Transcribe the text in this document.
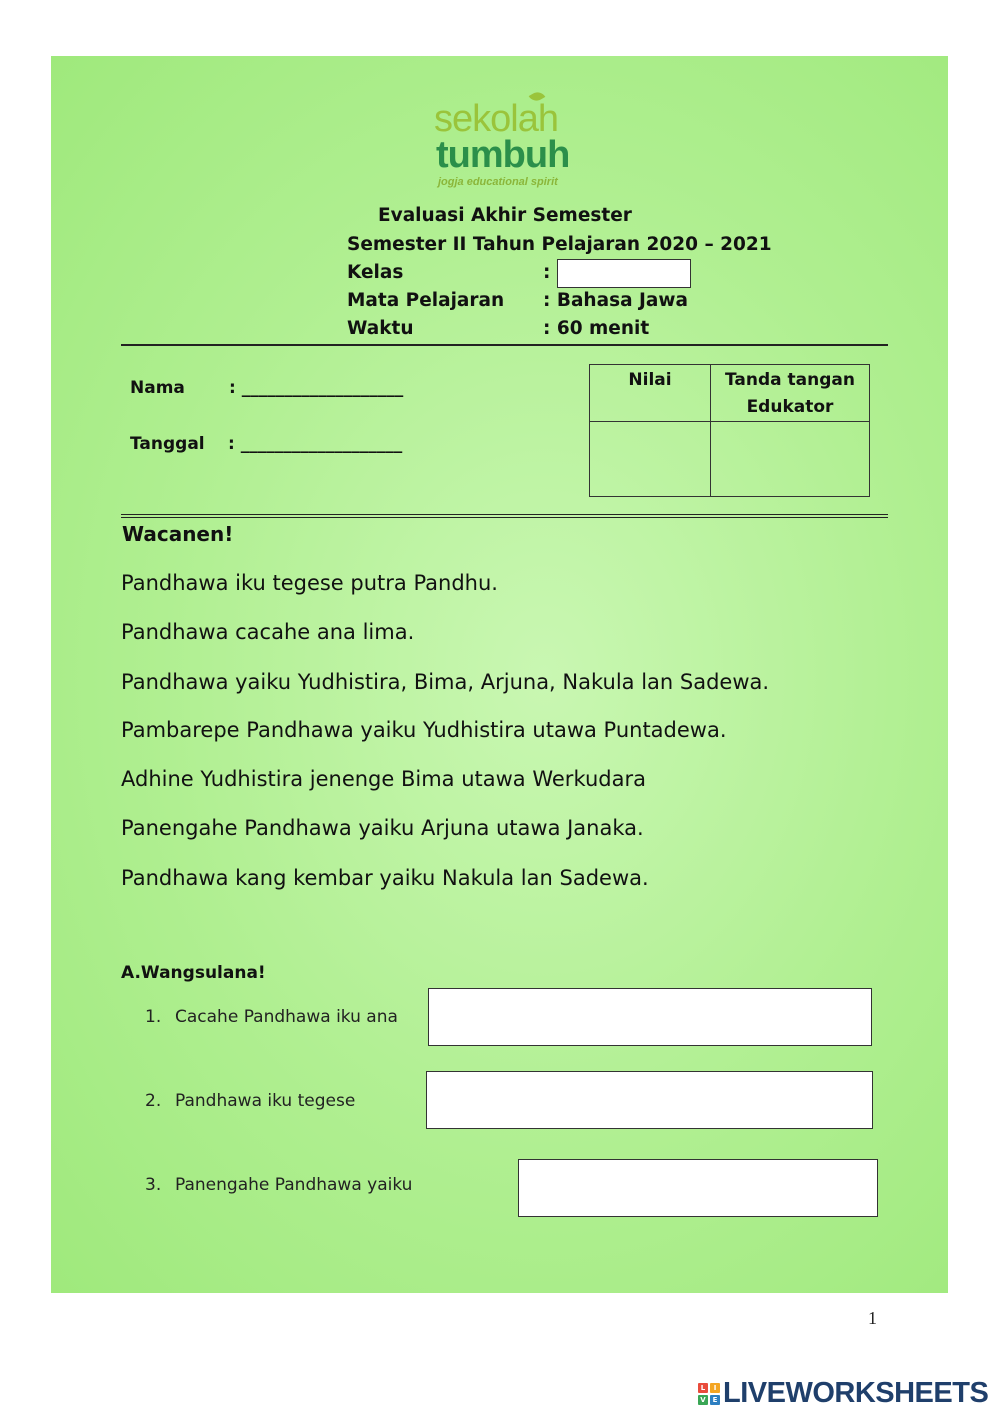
sekolah
tumbuh
jogja educational spirit
Evaluasi Akhir Semester
Semester II Tahun Pelajaran 2020 – 2021
Kelas	:
Mata Pelajaran : Bahasa Jawa
Waktu	: 60 menit
Nama	: ___________________
Tanggal : ___________________
Nilai	Tanda tangan
Edukator
Wacanen!
Pandhawa iku tegese putra Pandhu.
Pandhawa cacahe ana lima.
Pandhawa yaiku Yudhistira, Bima, Arjuna, Nakula lan Sadewa.
Pambarepe Pandhawa yaiku Yudhistira utawa Puntadewa.
Adhine Yudhistira jenenge Bima utawa Werkudara
Panengahe Pandhawa yaiku Arjuna utawa Janaka.
Pandhawa kang kembar yaiku Nakula lan Sadewa.
A.Wangsulana!
1. Cacahe Pandhawa iku ana
2. Pandhawa iku tegese
3. Panengahe Pandhawa yaiku
1
L	I
V E LIVEWORKSHEETS
